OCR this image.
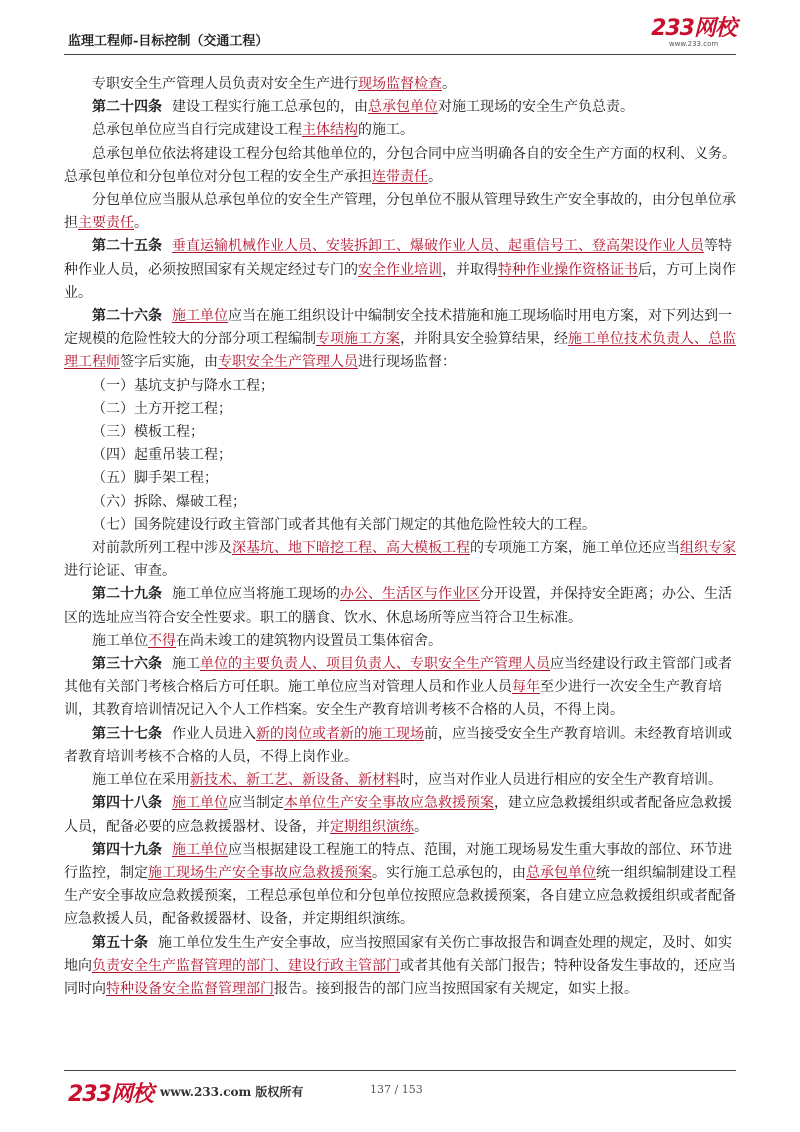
监理工程师-目标控制（交通工程）
233网校
www.233.com

专职安全生产管理人员负责对安全生产进行现场监督检查。

第二十四条 建设工程实行施工总承包的，由总承包单位对施工现场的安全生产负总责。

总承包单位应当自行完成建设工程主体结构的施工。

总承包单位依法将建设工程分包给其他单位的，分包合同中应当明确各自的安全生产方面的权利、义务。总承包单位和分包单位对分包工程的安全生产承担连带责任。

分包单位应当服从总承包单位的安全生产管理，分包单位不服从管理导致生产安全事故的，由分包单位承担主要责任。

第二十五条 垂直运输机械作业人员、安装拆卸工、爆破作业人员、起重信号工、登高架设作业人员等特种作业人员，必须按照国家有关规定经过专门的安全作业培训，并取得特种作业操作资格证书后，方可上岗作业。

第二十六条 施工单位应当在施工组织设计中编制安全技术措施和施工现场临时用电方案，对下列达到一定规模的危险性较大的分部分项工程编制专项施工方案，并附具安全验算结果，经施工单位技术负责人、总监理工程师签字后实施，由专职安全生产管理人员进行现场监督：

（一）基坑支护与降水工程；

（二）土方开挖工程；

（三）模板工程；

（四）起重吊装工程；

（五）脚手架工程；

（六）拆除、爆破工程；

（七）国务院建设行政主管部门或者其他有关部门规定的其他危险性较大的工程。

对前款所列工程中涉及深基坑、地下暗挖工程、高大模板工程的专项施工方案，施工单位还应当组织专家进行论证、审查。

第二十九条 施工单位应当将施工现场的办公、生活区与作业区分开设置，并保持安全距离；办公、生活区的选址应当符合安全性要求。职工的膳食、饮水、休息场所等应当符合卫生标准。

施工单位不得在尚未竣工的建筑物内设置员工集体宿舍。

第三十六条 施工单位的主要负责人、项目负责人、专职安全生产管理人员应当经建设行政主管部门或者其他有关部门考核合格后方可任职。施工单位应当对管理人员和作业人员每年至少进行一次安全生产教育培训，其教育培训情况记入个人工作档案。安全生产教育培训考核不合格的人员，不得上岗。

第三十七条 作业人员进入新的岗位或者新的施工现场前，应当接受安全生产教育培训。未经教育培训或者教育培训考核不合格的人员，不得上岗作业。

施工单位在采用新技术、新工艺、新设备、新材料时，应当对作业人员进行相应的安全生产教育培训。

第四十八条 施工单位应当制定本单位生产安全事故应急救援预案，建立应急救援组织或者配备应急救援人员，配备必要的应急救援器材、设备，并定期组织演练。

第四十九条 施工单位应当根据建设工程施工的特点、范围，对施工现场易发生重大事故的部位、环节进行监控，制定施工现场生产安全事故应急救援预案。实行施工总承包的，由总承包单位统一组织编制建设工程生产安全事故应急救援预案，工程总承包单位和分包单位按照应急救援预案，各自建立应急救援组织或者配备应急救援人员，配备救援器材、设备，并定期组织演练。

第五十条 施工单位发生生产安全事故，应当按照国家有关伤亡事故报告和调查处理的规定，及时、如实地向负责安全生产监督管理的部门、建设行政主管部门或者其他有关部门报告；特种设备发生事故的，还应当同时向特种设备安全监督管理部门报告。接到报告的部门应当按照国家有关规定，如实上报。

233网校 www.233.com 版权所有	137 / 153
